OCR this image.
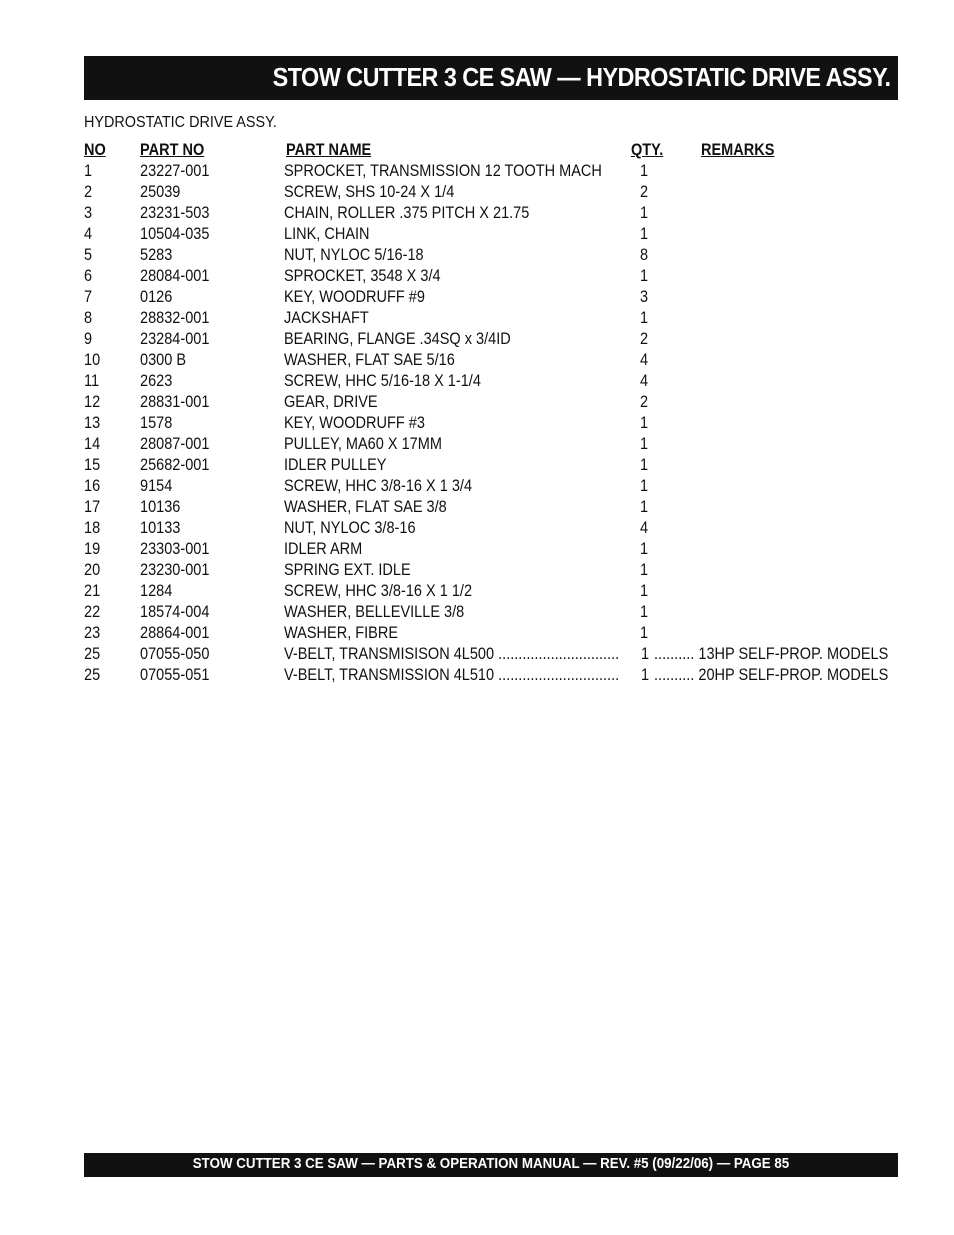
STOW CUTTER 3 CE SAW — HYDROSTATIC DRIVE ASSY.
HYDROSTATIC DRIVE ASSY.
NO PART NO	PART NAME	QTY. REMARKS
1	23227-001	SPROCKET, TRANSMISSION 12 TOOTH MACH 1
2	25039	SCREW, SHS 10-24 X 1/4	2
3	23231-503	CHAIN, ROLLER .375 PITCH X 21.75	1
4	10504-035	LINK, CHAIN	1
5	5283	NUT, NYLOC 5/16-18	8
6	28084-001	SPROCKET, 3548 X 3/4	1
7	0126	KEY, WOODRUFF #9	3
8	28832-001	JACKSHAFT	1
9	23284-001	BEARING, FLANGE .34SQ x 3/4ID	2
10 0300 B	WASHER, FLAT SAE 5/16	4
11 2623	SCREW, HHC 5/16-18 X 1-1/4	4
12 28831-001	GEAR, DRIVE	2
13 1578	KEY, WOODRUFF #3	1
14 28087-001	PULLEY, MA60 X 17MM	1
15 25682-001	IDLER PULLEY	1
16 9154	SCREW, HHC 3/8-16 X 1 3/4	1
17 10136	WASHER, FLAT SAE 3/8	1
18 10133	NUT, NYLOC 3/8-16	4
19 23303-001	IDLER ARM	1
20 23230-001	SPRING EXT. IDLE	1
21 1284	SCREW, HHC 3/8-16 X 1 1/2	1
22 18574-004	WASHER, BELLEVILLE 3/8	1
23 28864-001	WASHER, FIBRE	1
25 07055-050	V-BELT, TRANSMISISON 4L500 .............................. 1 .......... 13HP SELF-PROP. MODELS
25 07055-051	V-BELT, TRANSMISSION 4L510 .............................. 1 .......... 20HP SELF-PROP. MODELS
STOW CUTTER 3 CE SAW — PARTS & OPERATION MANUAL — REV. #5 (09/22/06) — PAGE 85
